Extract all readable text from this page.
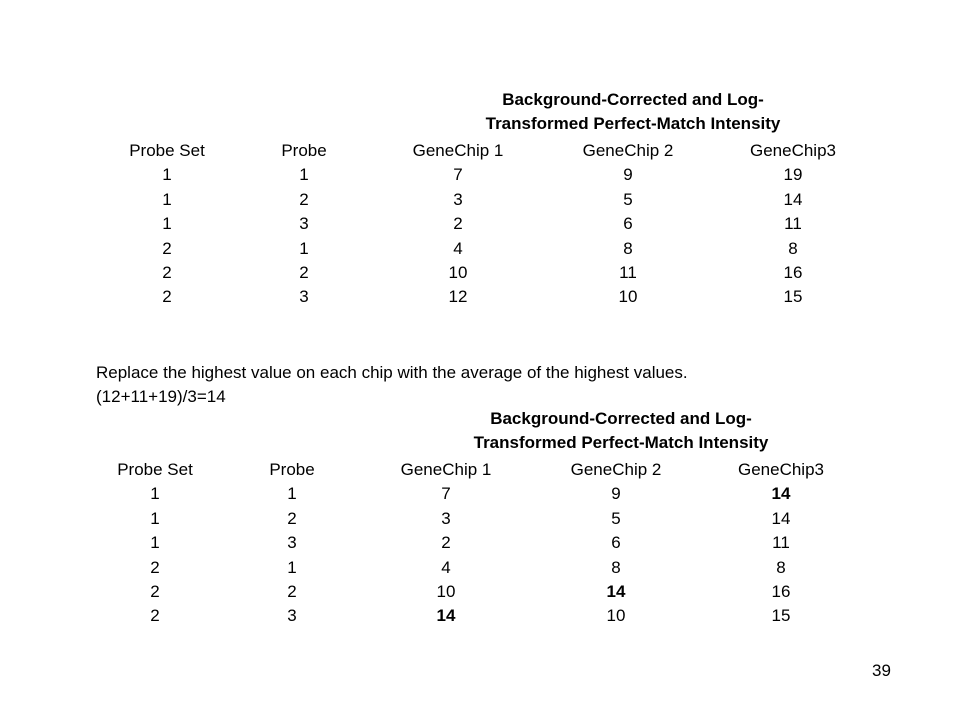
Background-Corrected and Log-
Transformed Perfect-Match Intensity
Probe Set	Probe	GeneChip 1	GeneChip 2	GeneChip3
1	1	7	9	19
1	2	3	5	14
1	3	2	6	11
2	1	4	8	8
2	2	10	11	16
2	3	12	10	15
Replace the highest value on each chip with the average of the highest values.
(12+11+19)/3=14
Background-Corrected and Log-
Transformed Perfect-Match Intensity
Probe Set	Probe	GeneChip 1	GeneChip 2	GeneChip3
1	1	7	9	14
1	2	3	5	14
1	3	2	6	11
2	1	4	8	8
2	2	10	14	16
2	3	14	10	15
39
